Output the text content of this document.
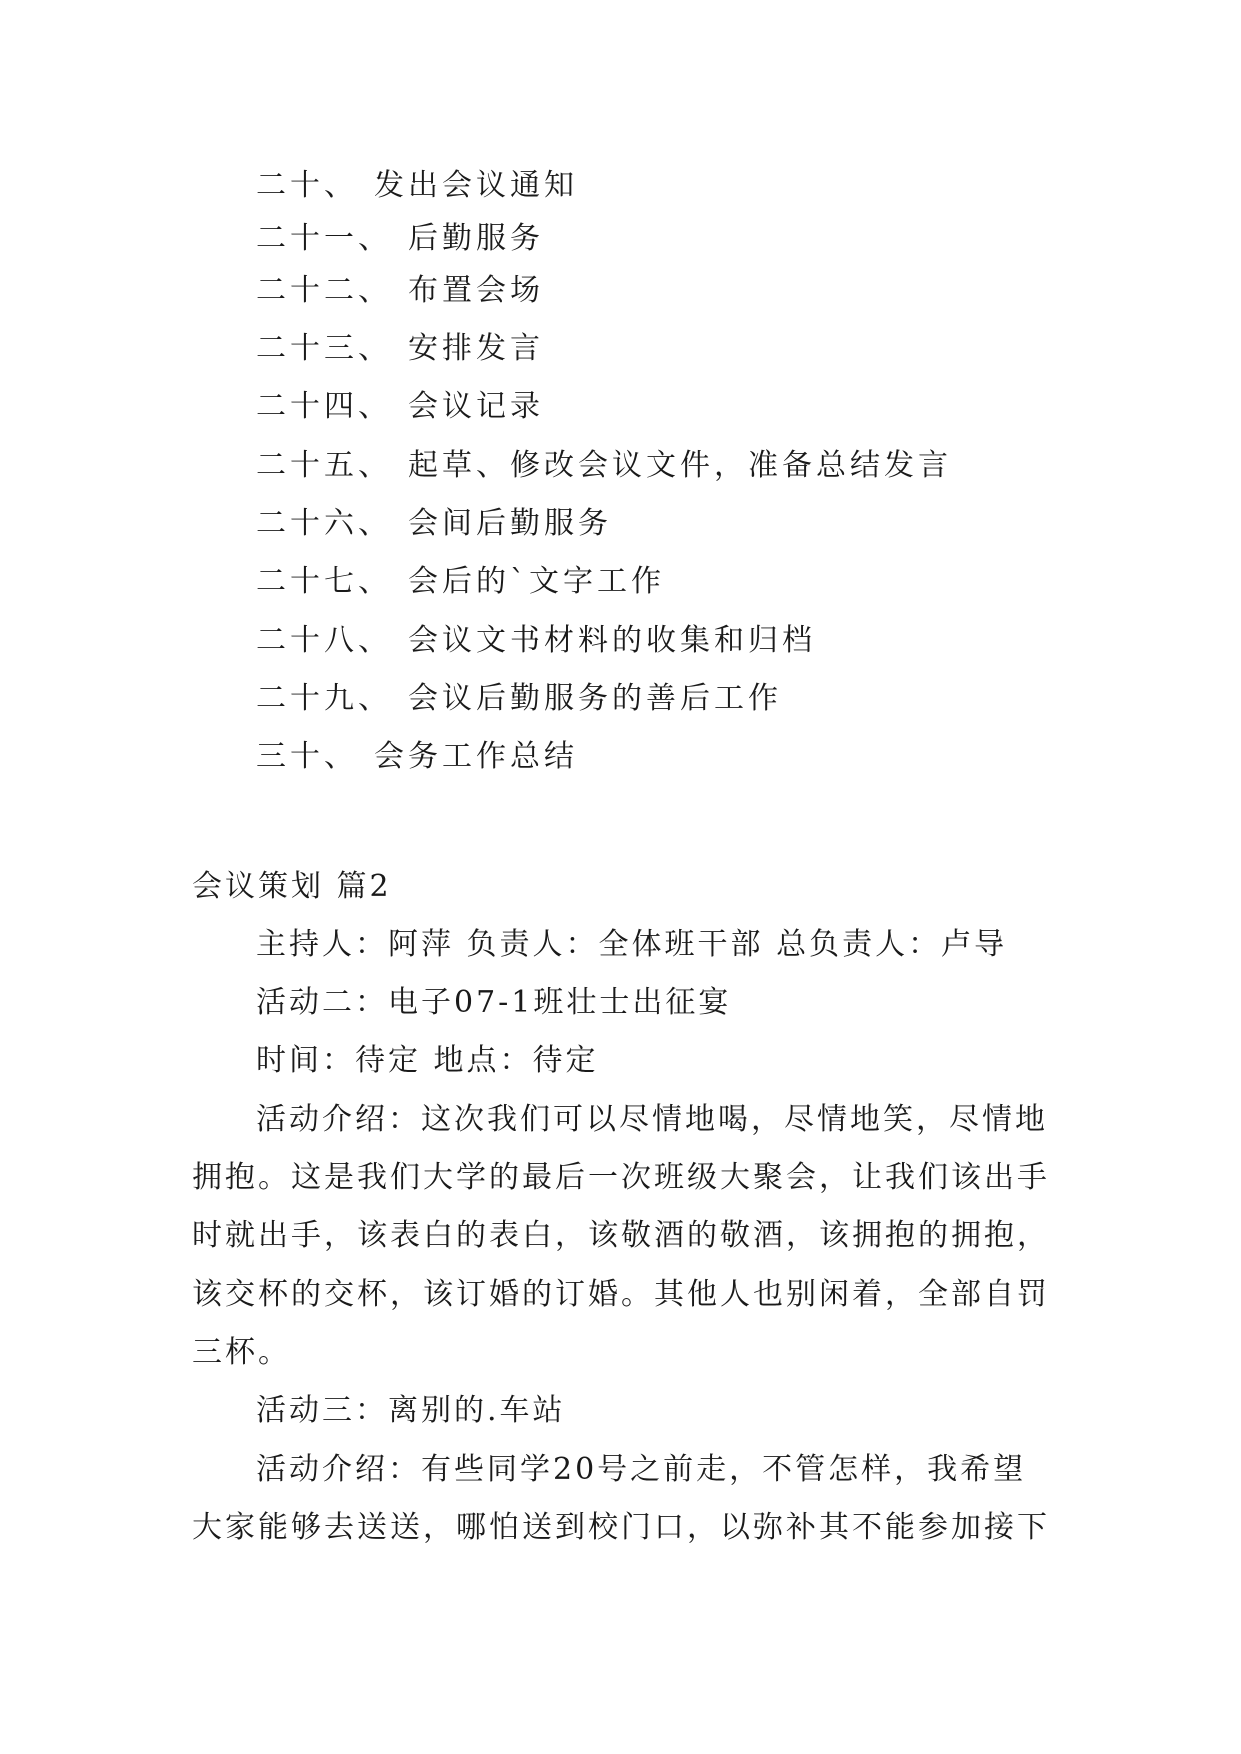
二十、 发出会议通知
二十一、 后勤服务
二十二、 布置会场
二十三、 安排发言
二十四、 会议记录
二十五、 起草、修改会议文件，准备总结发言
二十六、 会间后勤服务
二十七、 会后的`文字工作
二十八、 会议文书材料的收集和归档
二十九、 会议后勤服务的善后工作
三十、 会务工作总结
会议策划 篇2
主持人：阿萍 负责人：全体班干部 总负责人：卢导
活动二：电子07-1班壮士出征宴
时间：待定 地点：待定
活动介绍：这次我们可以尽情地喝，尽情地笑，尽情地
拥抱。这是我们大学的最后一次班级大聚会，让我们该出手
时就出手，该表白的表白，该敬酒的敬酒，该拥抱的拥抱，
该交杯的交杯，该订婚的订婚。其他人也别闲着，全部自罚
三杯。
活动三：离别的.车站
活动介绍：有些同学20号之前走，不管怎样，我希望
大家能够去送送，哪怕送到校门口，以弥补其不能参加接下
